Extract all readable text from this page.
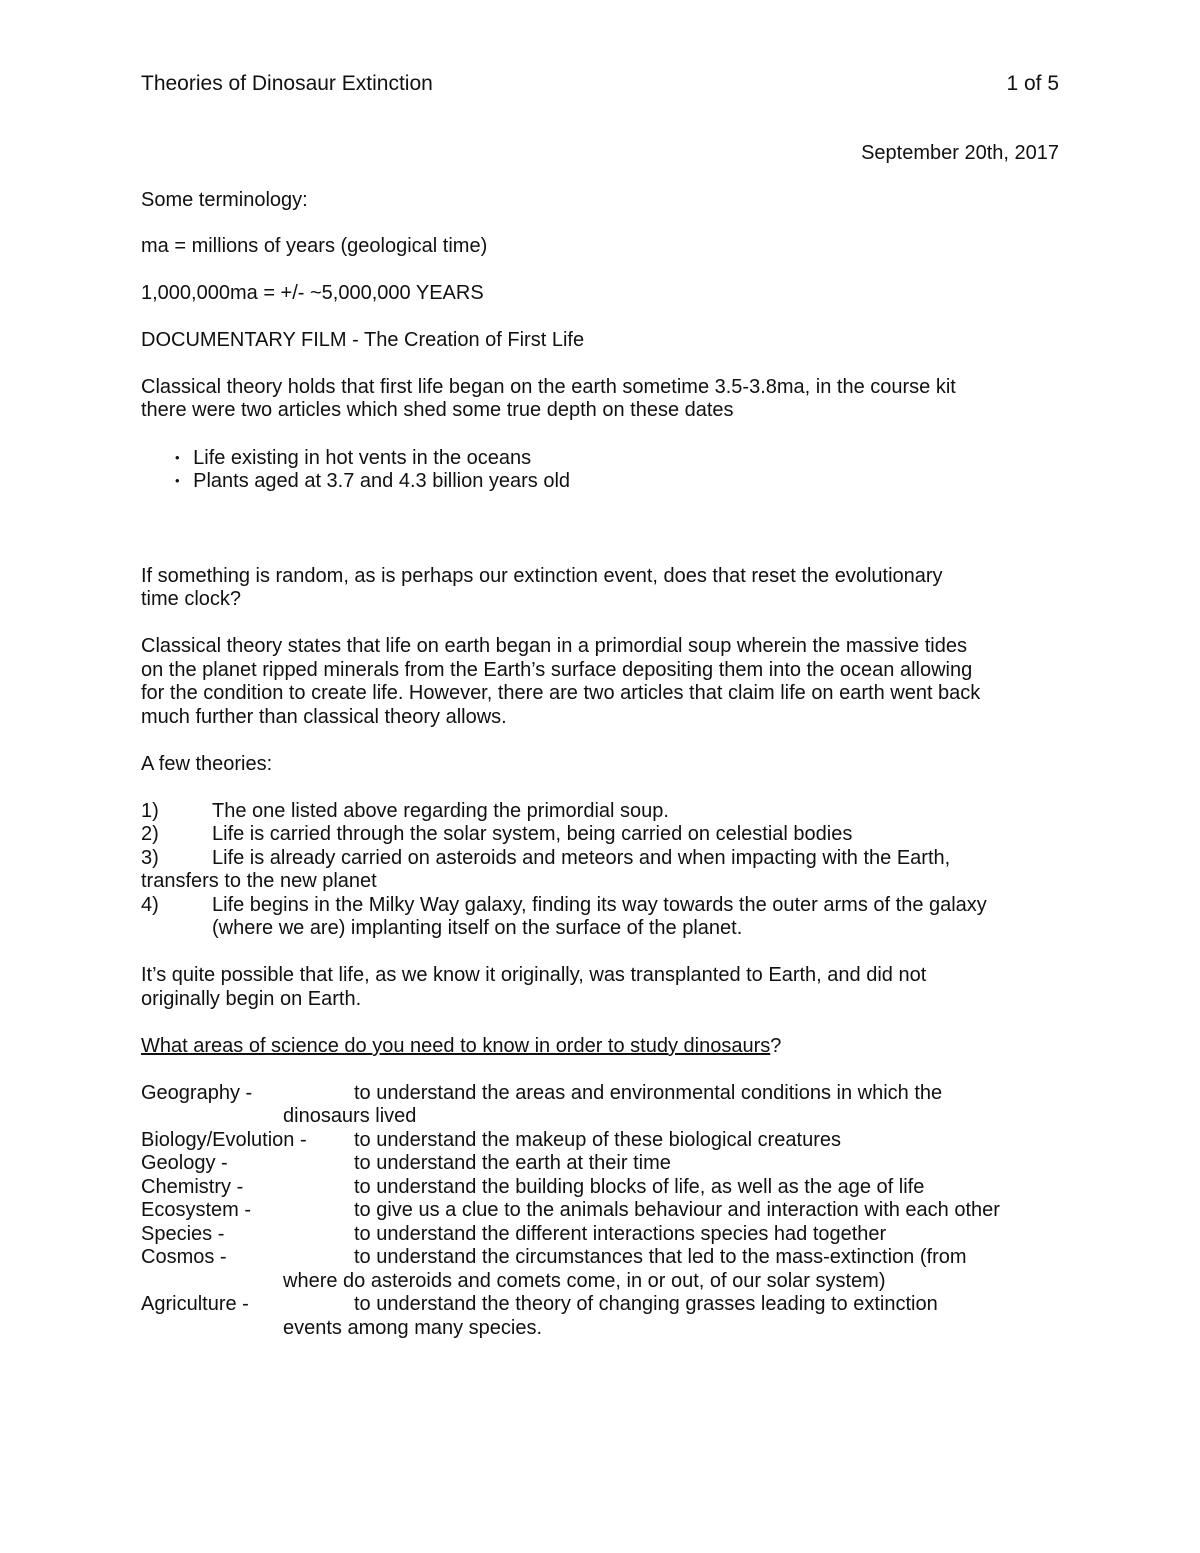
Theories of Dinosaur Extinction	1 of 5
September 20th, 2017
Some terminology:
ma = millions of years (geological time)
1,000,000ma = +/- ~5,000,000 YEARS
DOCUMENTARY FILM - The Creation of First Life
Classical theory holds that first life began on the earth sometime 3.5-3.8ma, in the course kit
there were two articles which shed some true depth on these dates
• Life existing in hot vents in the oceans
• Plants aged at 3.7 and 4.3 billion years old
If something is random, as is perhaps our extinction event, does that reset the evolutionary
time clock?
Classical theory states that life on earth began in a primordial soup wherein the massive tides
on the planet ripped minerals from the Earth’s surface depositing them into the ocean allowing
for the condition to create life. However, there are two articles that claim life on earth went back
much further than classical theory allows.
A few theories:
1)	The one listed above regarding the primordial soup.
2)	Life is carried through the solar system, being carried on celestial bodies
3)	Life is already carried on asteroids and meteors and when impacting with the Earth,
transfers to the new planet
4)	Life begins in the Milky Way galaxy, finding its way towards the outer arms of the galaxy
(where we are) implanting itself on the surface of the planet.
It’s quite possible that life, as we know it originally, was transplanted to Earth, and did not
originally begin on Earth.
What areas of science do you need to know in order to study dinosaurs?
Geography -	to understand the areas and environmental conditions in which the
dinosaurs lived
Biology/Evolution - to understand the makeup of these biological creatures
Geology -	to understand the earth at their time
Chemistry -	to understand the building blocks of life, as well as the age of life
Ecosystem -	to give us a clue to the animals behaviour and interaction with each other
Species -	to understand the different interactions species had together
Cosmos -	to understand the circumstances that led to the mass-extinction (from
where do asteroids and comets come, in or out, of our solar system)
Agriculture -	to understand the theory of changing grasses leading to extinction
events among many species.
